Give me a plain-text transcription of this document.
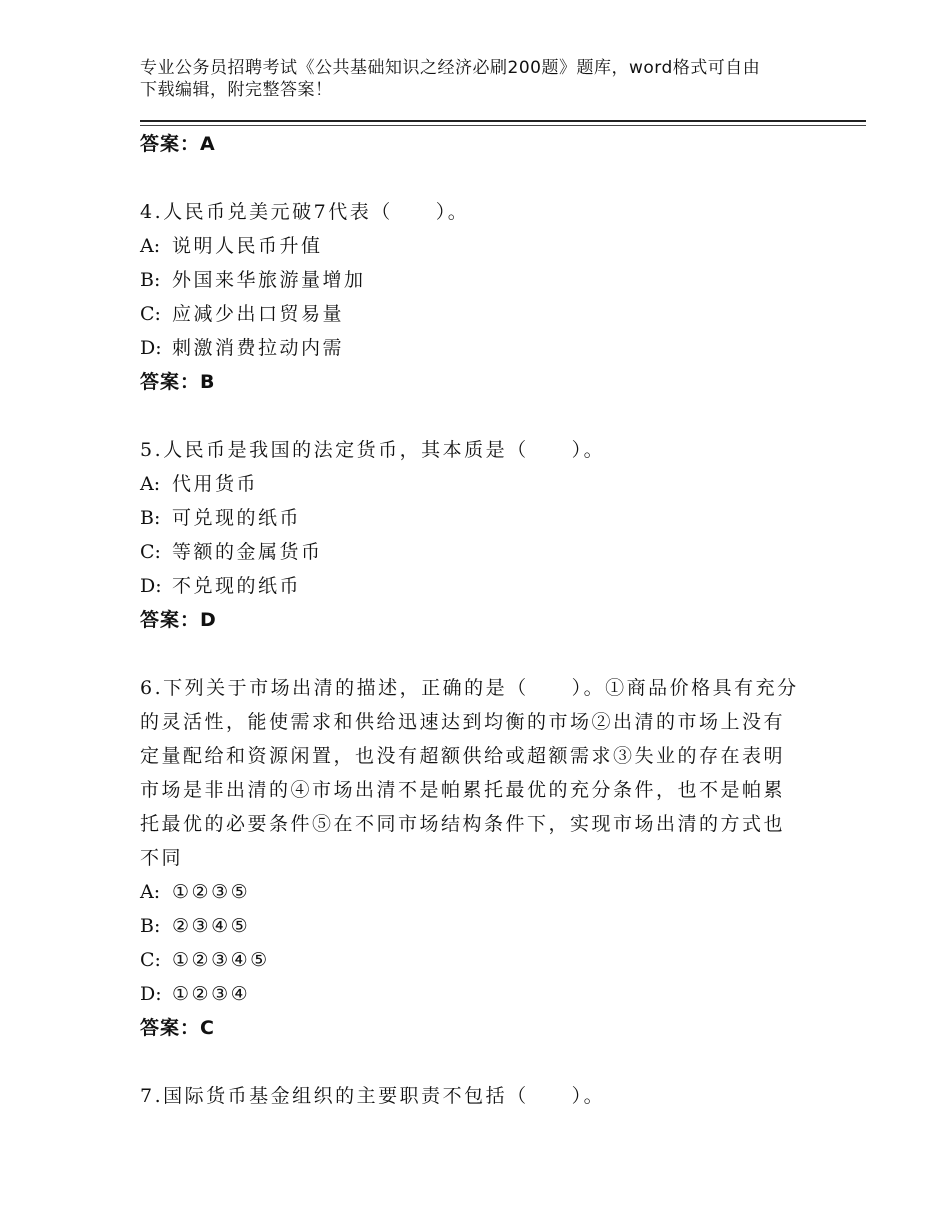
专业公务员招聘考试《公共基础知识之经济必刷200题》题库，word格式可自由
下载编辑，附完整答案！
答案：A
4.人民币兑美元破7代表（　　）。
A: 说明人民币升值
B: 外国来华旅游量增加
C: 应减少出口贸易量
D: 刺激消费拉动内需
答案：B
5.人民币是我国的法定货币，其本质是（　　）。
A: 代用货币
B: 可兑现的纸币
C: 等额的金属货币
D: 不兑现的纸币
答案：D
6.下列关于市场出清的描述，正确的是（　　）。①商品价格具有充分的灵活性，能使需求和供给迅速达到均衡的市场②出清的市场上没有定量配给和资源闲置，也没有超额供给或超额需求③失业的存在表明市场是非出清的④市场出清不是帕累托最优的充分条件，也不是帕累托最优的必要条件⑤在不同市场结构条件下，实现市场出清的方式也不同
A: ①②③⑤
B: ②③④⑤
C: ①②③④⑤
D: ①②③④
答案：C
7.国际货币基金组织的主要职责不包括（　　）。
